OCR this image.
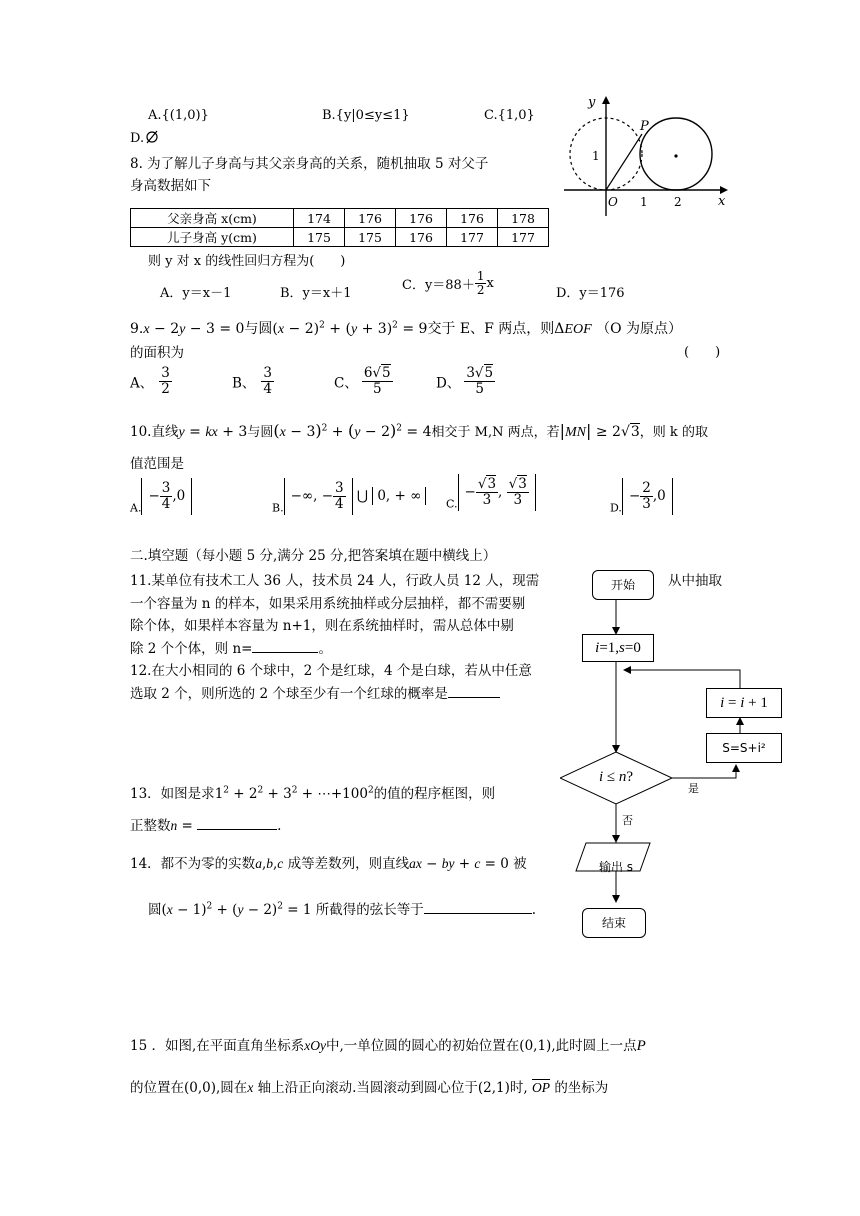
A.{(1,0)}	B.{y|0≤y≤1}	C.{1,0}
D.
8. 为了解儿子身高与其父亲身高的关系，随机抽取 5 对父子
身高数据如下
父亲身高 x(cm)	174	176	176	176	178
儿子身高 y(cm)	175	175	176	177	177
则 y 对 x 的线性回归方程为(　　)
A．y＝x－1	B．y＝x＋1
C．$y=88+ \frac{1}{2}$ x
D．y＝176
9.x − 2y − 3 = 0与圆$(x - 2)^2 + (y + 3)^2 = 9$交于 E、F 两点，则ΔEOF （O 为原点）
的面积为	(　　)
A、 $\frac{3}{2}$	B、 $\frac{3}{4}$	C、 $\frac{6√5}{5}$	D、 $\frac{3√5}{5}$
10.直线y = kx + 3与圆$(x - 3)^2 + (y - 2)^2 = 4$相交于 M,N 两点，若|MN| ≥ 2√3，则 k 的取
值范围是
$A.- \frac{3}{4} ,0$
B.−∞, − $\frac{3}{4}$ ⋃ 0, + ∞	$C.- \frac{√3}{3}$ , $\frac{√3}{3}$
$D.- \frac{2}{3} ,0$
二.填空题（每小题 5 分,满分 25 分,把答案填在题中横线上）
11.某单位有技术工人 36 人，技术员 24 人，行政人员 12 人，现需	从中抽取
一个容量为 n 的样本，如果采用系统抽样或分层抽样，都不需要剔
除个体，如果样本容量为 n+1，则在系统抽样时，需从总体中剔
除 2 个个体，则 n=	。
12.在大小相同的 6 个球中，2 个是红球，4 个是白球，若从中任意
选取 2 个，则所选的 2 个球至少有一个红球的概率是
13．如图是求$1^2 + 2^2 + 3^2$ + $\cdots+100^2$的值的程序框图，则
正整数n =	.
14．都不为零的实数a,b,c 成等差数列，则直线ax − by + c = 0 被
圆$(x - 1)^2 + (y - 2)^2 = 1$ 所截得的弦长等于	.
15 ．如图,在平面直角坐标系xOy中,一单位圆的圆心的初始位置在(0,1),此时圆上一点P
的位置在(0,0),圆在x 轴上沿正向滚动.当圆滚动到圆心位于(2,1)时, OP 的坐标为
y
x
P
O 1 2
1
开始
i=1,s=0
i = i + 1
S=S+i²
i ≤ n?
是
否
输出 s
结束
